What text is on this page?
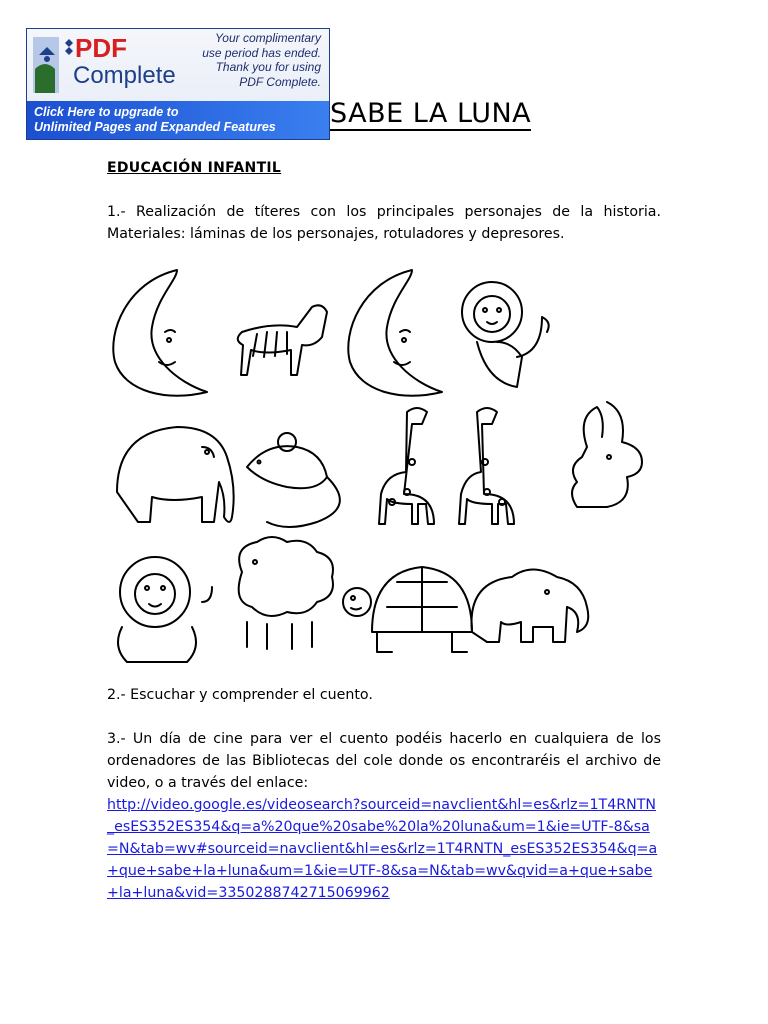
PDF
Complete
Your complimentary
use period has ended.
Thank you for using
PDF Complete.
Click Here to upgrade to
Unlimited Pages and Expanded Features	SABE LA LUNA
EDUCACIÓN INFANTIL
1.- Realización de títeres con los principales personajes de la historia. Materiales: láminas de los personajes, rotuladores y depresores.
2.- Escuchar y comprender el cuento.
3.- Un día de cine para ver el cuento podéis hacerlo en cualquiera de los ordenadores de las Bibliotecas del cole donde os encontraréis el archivo de video, o a través del enlace:
http://video.google.es/videosearch?sourceid=navclient&hl=es&rlz=1T4RNTN_esES352ES354&q=a%20que%20sabe%20la%20luna&um=1&ie=UTF-8&sa=N&tab=wv#sourceid=navclient&hl=es&rlz=1T4RNTN_esES352ES354&q=a+que+sabe+la+luna&um=1&ie=UTF-8&sa=N&tab=wv&qvid=a+que+sabe+la+luna&vid=3350288742715069962
